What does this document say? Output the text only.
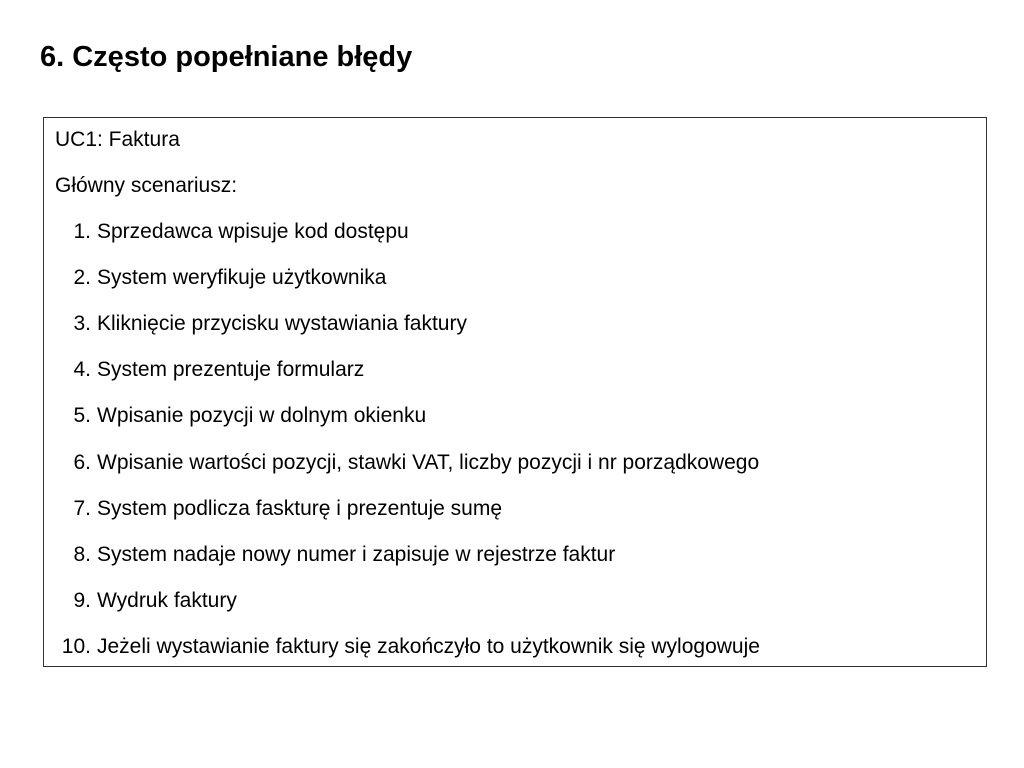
6. Często popełniane błędy
UC1: Faktura
Główny scenariusz:
1. Sprzedawca wpisuje kod dostępu
2. System weryfikuje użytkownika
3. Kliknięcie przycisku wystawiania faktury
4. System prezentuje formularz
5. Wpisanie pozycji w dolnym okienku
6. Wpisanie wartości pozycji, stawki VAT, liczby pozycji i nr porządkowego
7. System podlicza faskturę i prezentuje sumę
8. System nadaje nowy numer i zapisuje w rejestrze faktur
9. Wydruk faktury
10. Jeżeli wystawianie faktury się zakończyło to użytkownik się wylogowuje
